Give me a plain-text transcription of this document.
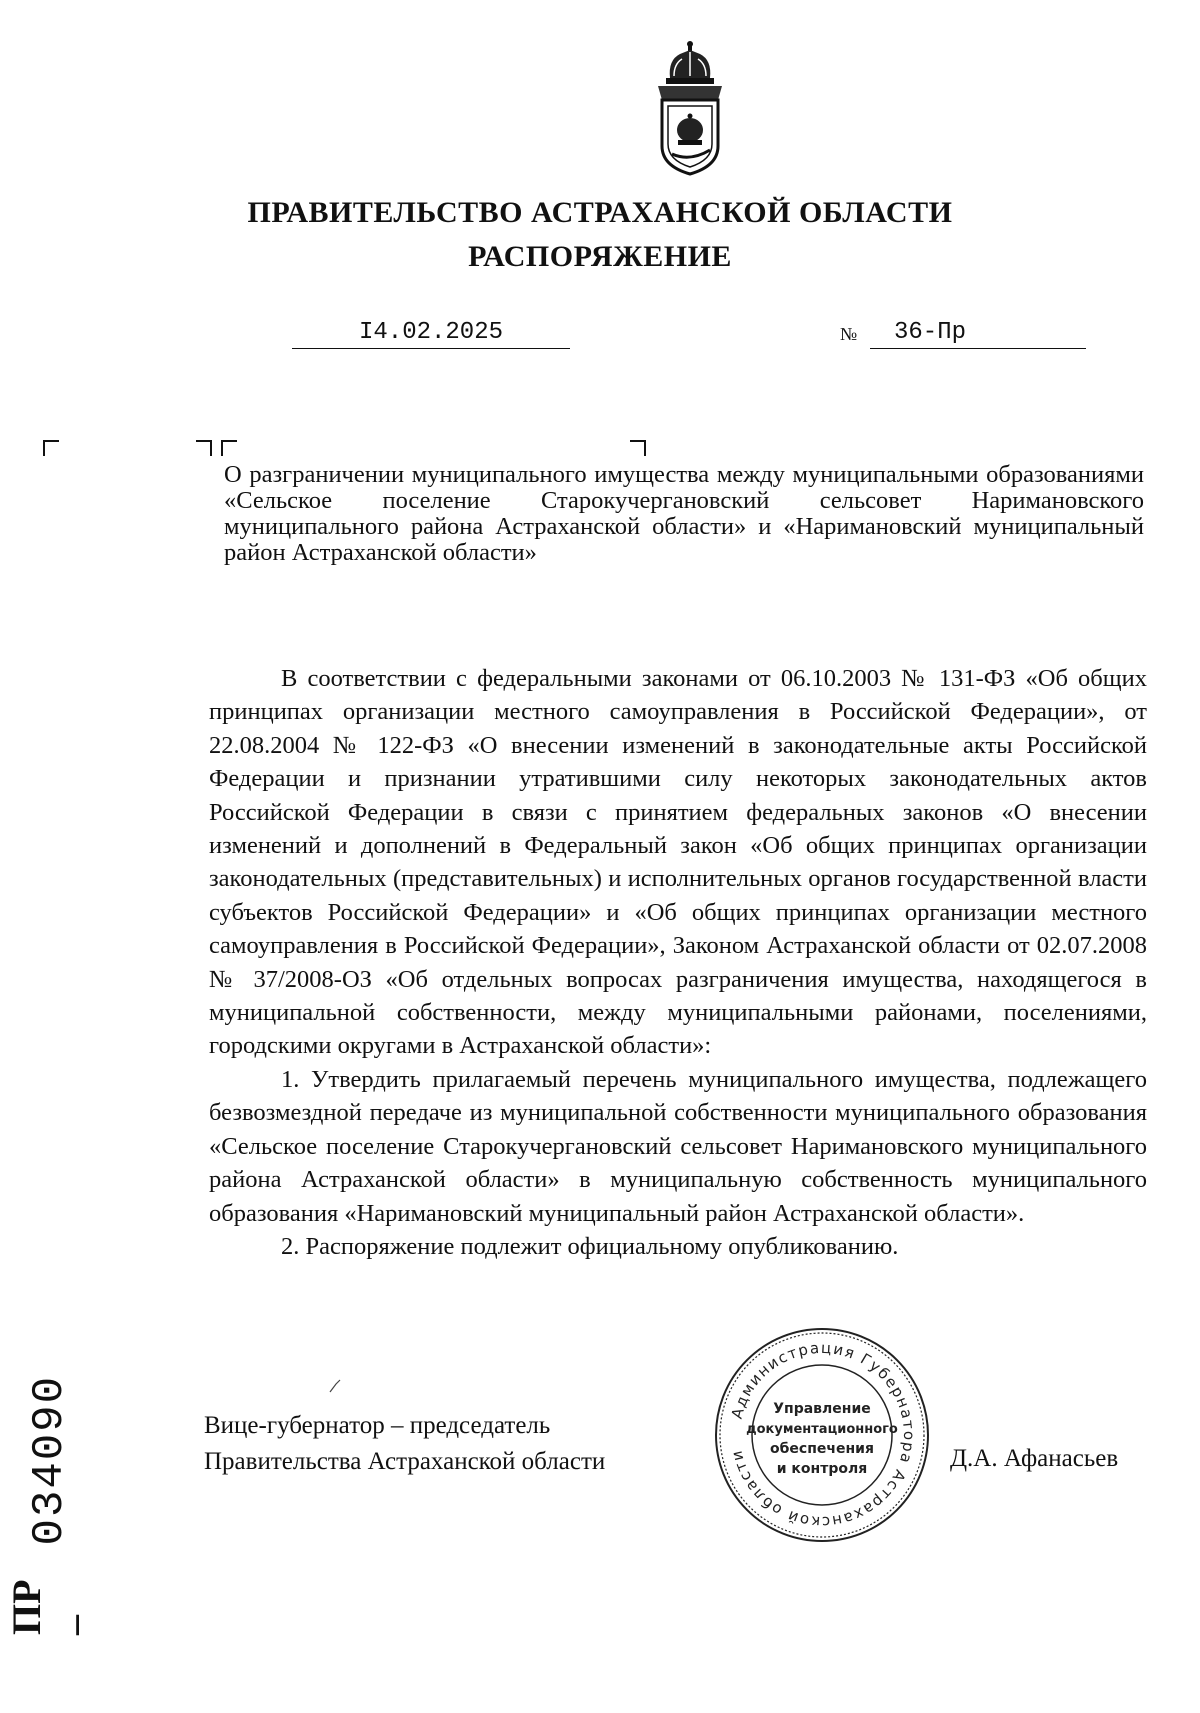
ПРАВИТЕЛЬСТВО АСТРАХАНСКОЙ ОБЛАСТИ
РАСПОРЯЖЕНИЕ
I4.02.2025	№	36-Пр
О разграничении муниципального имущества между муниципальными образованиями «Сельское поселение Старокучергановский сельсовет Наримановского муниципального района Астраханской области» и «Наримановский муниципальный район Астраханской области»

В соответствии с федеральными законами от 06.10.2003 № 131-ФЗ «Об общих принципах организации местного самоуправления в Российской Федерации», от 22.08.2004 № 122-ФЗ «О внесении изменений в законодательные акты Российской Федерации и признании утратившими силу некоторых законодательных актов Российской Федерации в связи с принятием федеральных законов «О внесении изменений и дополнений в Федеральный закон «Об общих принципах организации законодательных (представительных) и исполнительных органов государственной власти субъектов Российской Федерации» и «Об общих принципах организации местного самоуправления в Российской Федерации», Законом Астраханской области от 02.07.2008 № 37/2008-ОЗ «Об отдельных вопросах разграничения имущества, находящегося в муниципальной собственности, между муниципальными районами, поселениями, городскими округами в Астраханской области»:

1. Утвердить прилагаемый перечень муниципального имущества, подлежащего безвозмездной передаче из муниципальной собственности муниципального образования «Сельское поселение Старокучергановский сельсовет Наримановского муниципального района Астраханской области» в муниципальную собственность муниципального образования «Наримановский муниципальный район Астраханской области».

2. Распоряжение подлежит официальному опубликованию.

Вице-губернатор – председатель
Правительства Астраханской области
Администрация Губернатора Астраханской области
Управление
документационного
обеспечения
и контроля	Д.А. Афанасьев
ПР –
034090
